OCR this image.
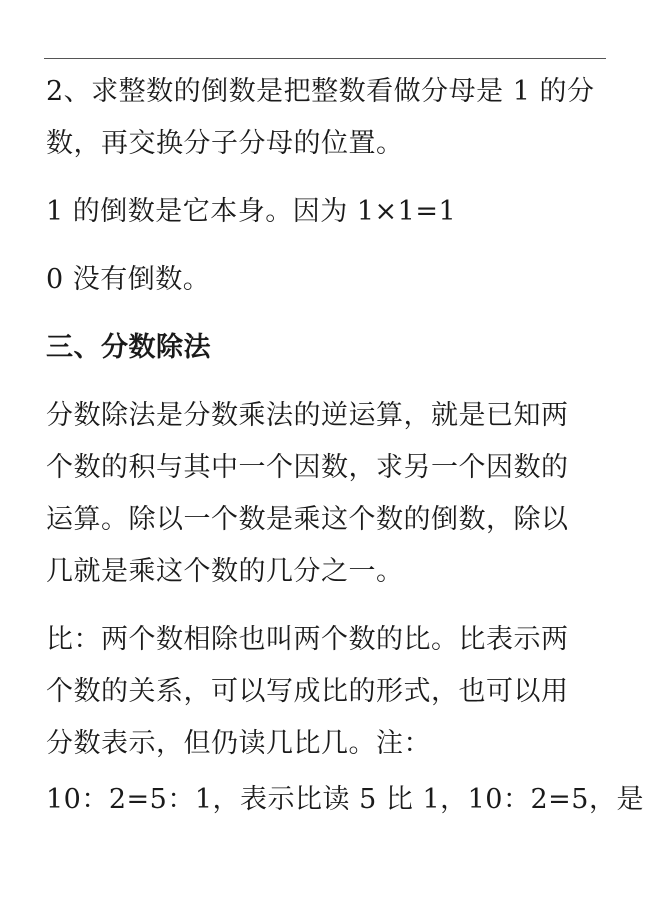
2、求整数的倒数是把整数看做分母是 1 的分
数，再交换分子分母的位置。

1 的倒数是它本身。因为 1×1=1

0 没有倒数。

三、分数除法

分数除法是分数乘法的逆运算，就是已知两
个数的积与其中一个因数，求另一个因数的
运算。除以一个数是乘这个数的倒数，除以
几就是乘这个数的几分之一。

比：两个数相除也叫两个数的比。比表示两
个数的关系，可以写成比的形式，也可以用
分数表示，但仍读几比几。注：

10：2=5：1，表示比读 5 比 1，10：2=5，是
